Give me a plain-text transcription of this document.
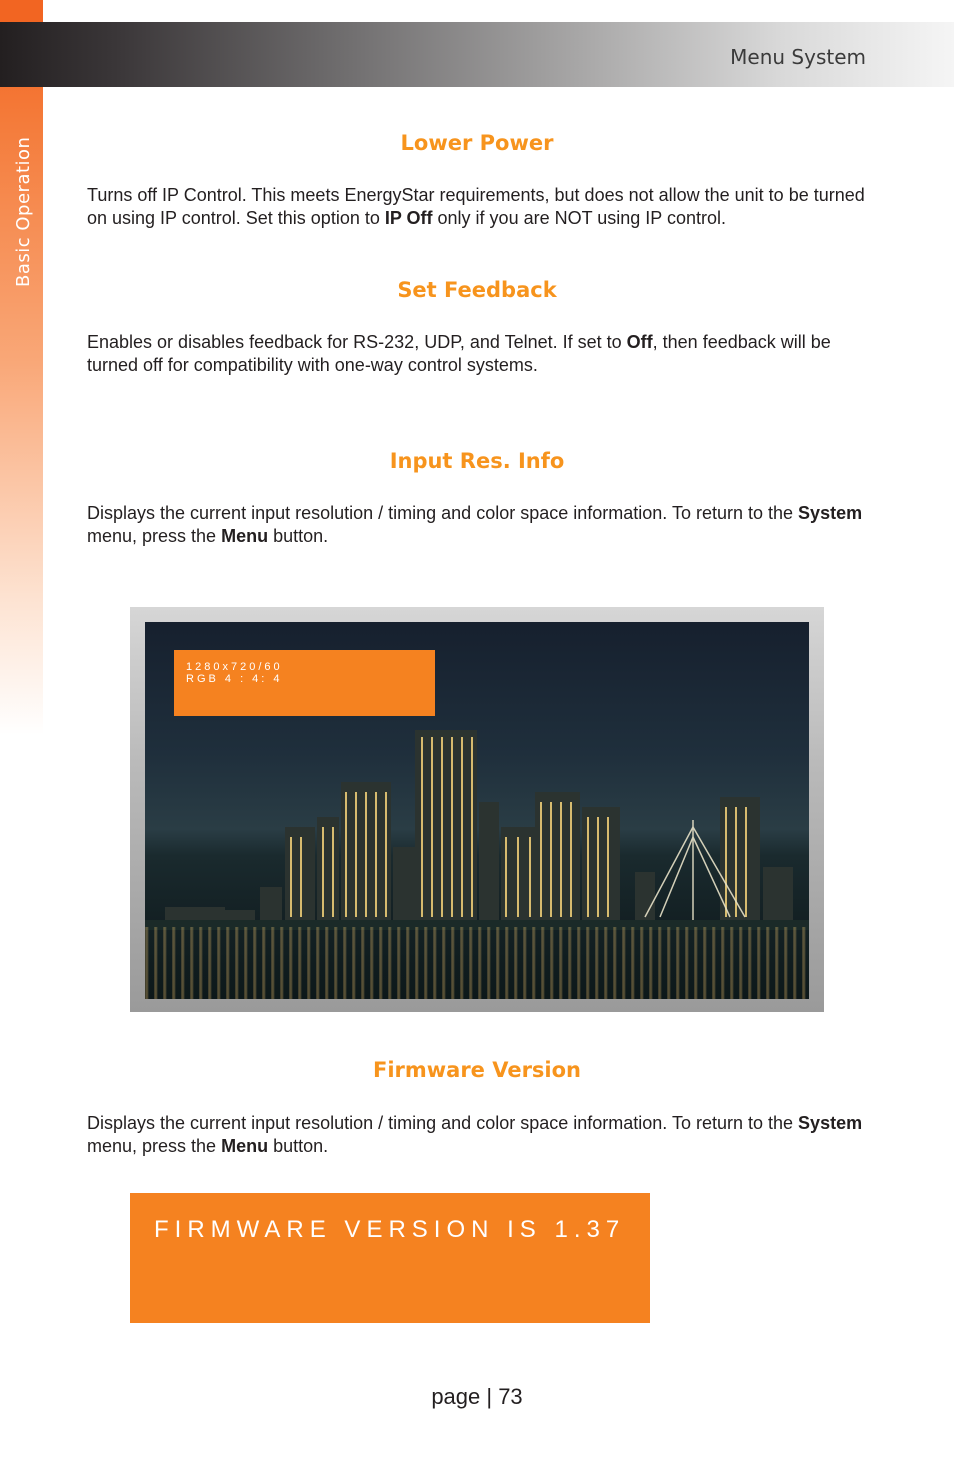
Basic Operation
Menu System
Lower Power
Turns off IP Control. This meets EnergyStar requirements, but does not allow the unit to be turned on using IP control. Set this option to IP Off only if you are NOT using IP control.
Set Feedback
Enables or disables feedback for RS-232, UDP, and Telnet. If set to Off, then feedback will be turned off for compatibility with one-way control systems.
Input Res. Info
Displays the current input resolution / timing and color space information. To return to the System menu, press the Menu button.
1280x720/60
RGB 4 : 4: 4
Firmware Version
Displays the current input resolution / timing and color space information. To return to the System menu, press the Menu button.
FIRMWARE VERSION IS 1.37
page | 73
